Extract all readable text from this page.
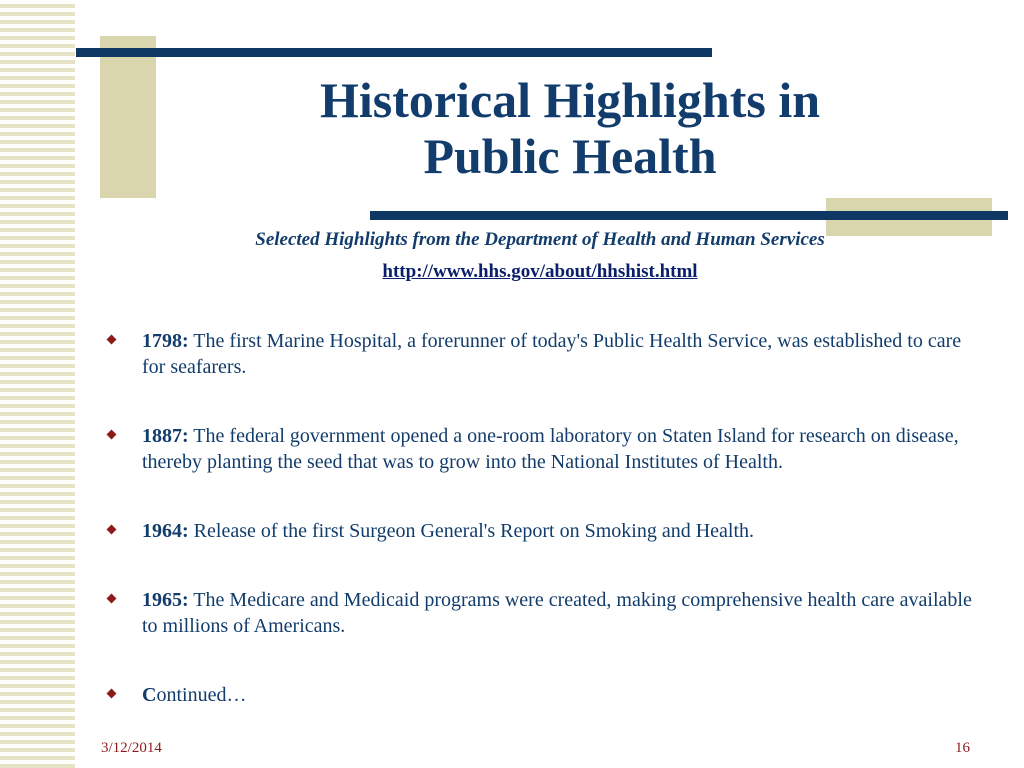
Historical Highlights in
Public Health
Selected Highlights from the Department of Health and Human Services
http://www.hhs.gov/about/hhshist.html
1798: The first Marine Hospital, a forerunner of today's Public Health Service, was established to care for seafarers.
1887: The federal government opened a one-room laboratory on Staten Island for research on disease, thereby planting the seed that was to grow into the National Institutes of Health.
1964: Release of the first Surgeon General's Report on Smoking and Health.
1965: The Medicare and Medicaid programs were created, making comprehensive health care available to millions of Americans.
Continued…
3/12/2014	16
